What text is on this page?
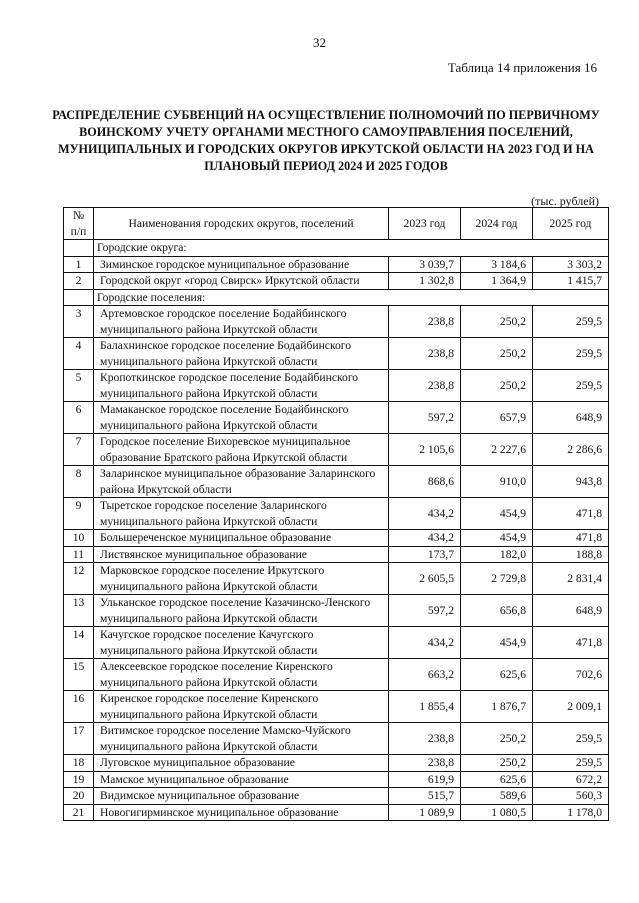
32
Таблица 14 приложения 16
РАСПРЕДЕЛЕНИЕ СУБВЕНЦИЙ НА ОСУЩЕСТВЛЕНИЕ ПОЛНОМОЧИЙ ПО ПЕРВИЧНОМУ ВОИНСКОМУ УЧЕТУ ОРГАНАМИ МЕСТНОГО САМОУПРАВЛЕНИЯ ПОСЕЛЕНИЙ, МУНИЦИПАЛЬНЫХ И ГОРОДСКИХ ОКРУГОВ ИРКУТСКОЙ ОБЛАСТИ НА 2023 ГОД И НА ПЛАНОВЫЙ ПЕРИОД 2024 И 2025 ГОДОВ
(тыс. рублей)
№ п/п	Наименования городских округов, поселений	2023 год	2024 год	2025 год
	Городские округа:			
1	Зиминское городское муниципальное образование	3 039,7	3 184,6	3 303,2
2	Городской округ «город Свирск» Иркутской области	1 302,8	1 364,9	1 415,7
	Городские поселения:			
3	Артемовское городское поселение Бодайбинского муниципального района Иркутской области	238,8	250,2	259,5
4	Балахнинское городское поселение Бодайбинского муниципального района Иркутской области	238,8	250,2	259,5
5	Кропоткинское городское поселение Бодайбинского муниципального района Иркутской области	238,8	250,2	259,5
6	Мамаканское городское поселение Бодайбинского муниципального района Иркутской области	597,2	657,9	648,9
7	Городское поселение Вихоревское муниципальное образование Братского района Иркутской области	2 105,6	2 227,6	2 286,6
8	Заларинское муниципальное образование Заларинского района Иркутской области	868,6	910,0	943,8
9	Тыретское городское поселение Заларинского муниципального района Иркутской области	434,2	454,9	471,8
10	Большереченское муниципальное образование	434,2	454,9	471,8
11	Листвянское муниципальное образование	173,7	182,0	188,8
12	Марковское городское поселение Иркутского муниципального района Иркутской области	2 605,5	2 729,8	2 831,4
13	Ульканское городское поселение Казачинско-Ленского муниципального района Иркутской области	597,2	656,8	648,9
14	Качугское городское поселение Качугского муниципального района Иркутской области	434,2	454,9	471,8
15	Алексеевское городское поселение Киренского муниципального района Иркутской области	663,2	625,6	702,6
16	Киренское городское поселение Киренского муниципального района Иркутской области	1 855,4	1 876,7	2 009,1
17	Витимское городское поселение Мамско-Чуйского муниципального района Иркутской области	238,8	250,2	259,5
18	Луговское муниципальное образование	238,8	250,2	259,5
19	Мамское муниципальное образование	619,9	625,6	672,2
20	Видимское муниципальное образование	515,7	589,6	560,3
21	Новогигирминское муниципальное образование	1 089,9	1 080,5	1 178,0
